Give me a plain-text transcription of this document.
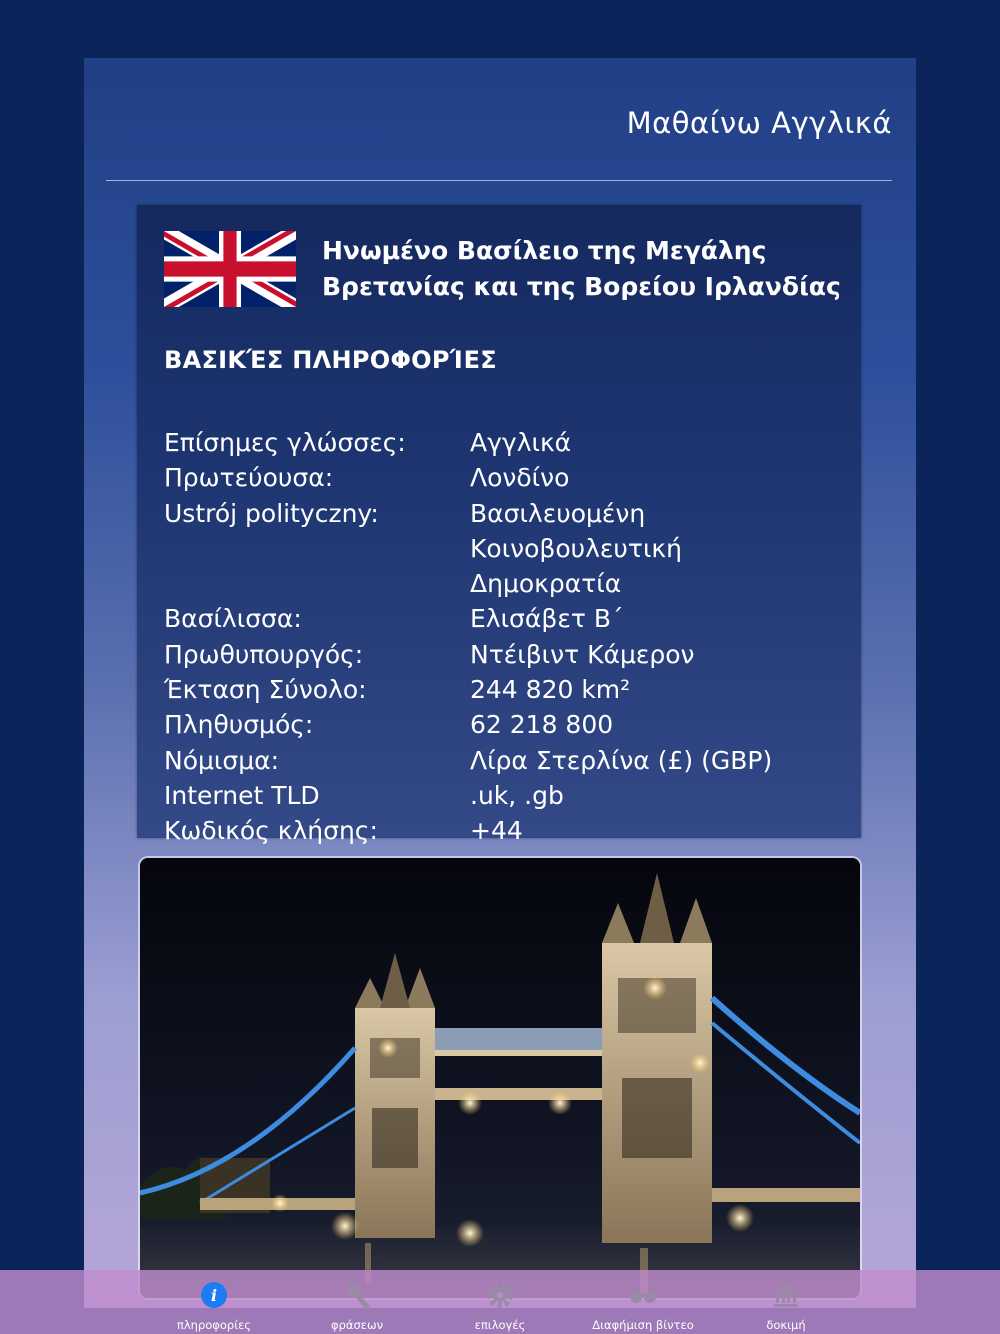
Μαθαίνω Αγγλικά
Ηνωμένο Βασίλειο της Μεγάλης
Βρετανίας και της Βορείου Ιρλανδίας
ΒΑΣΙΚΈΣ ΠΛΗΡΟΦΟΡΊΕΣ
Επίσημες γλώσσες:	Αγγλικά
Πρωτεύουσα:	Λονδίνο
Ustrój polityczny:	Βασιλευομένη Κοινοβουλευτική
Δημοκρατία
Βασίλισσα:	Ελισάβετ Β΄
Πρωθυπουργός:	Ντέιβιντ Κάμερον
Έκταση Σύνολο:	244 820 km²
Πληθυσμός:	62 218 800
Νόμισμα:	Λίρα Στερλίνα (£) (GBP)
Internet TLD	.uk, .gb
Κωδικός κλήσης:	+44
i
πληροφορίες	φράσεων	επιλογές	Διαφήμιση βίντεο	δοκιμή
